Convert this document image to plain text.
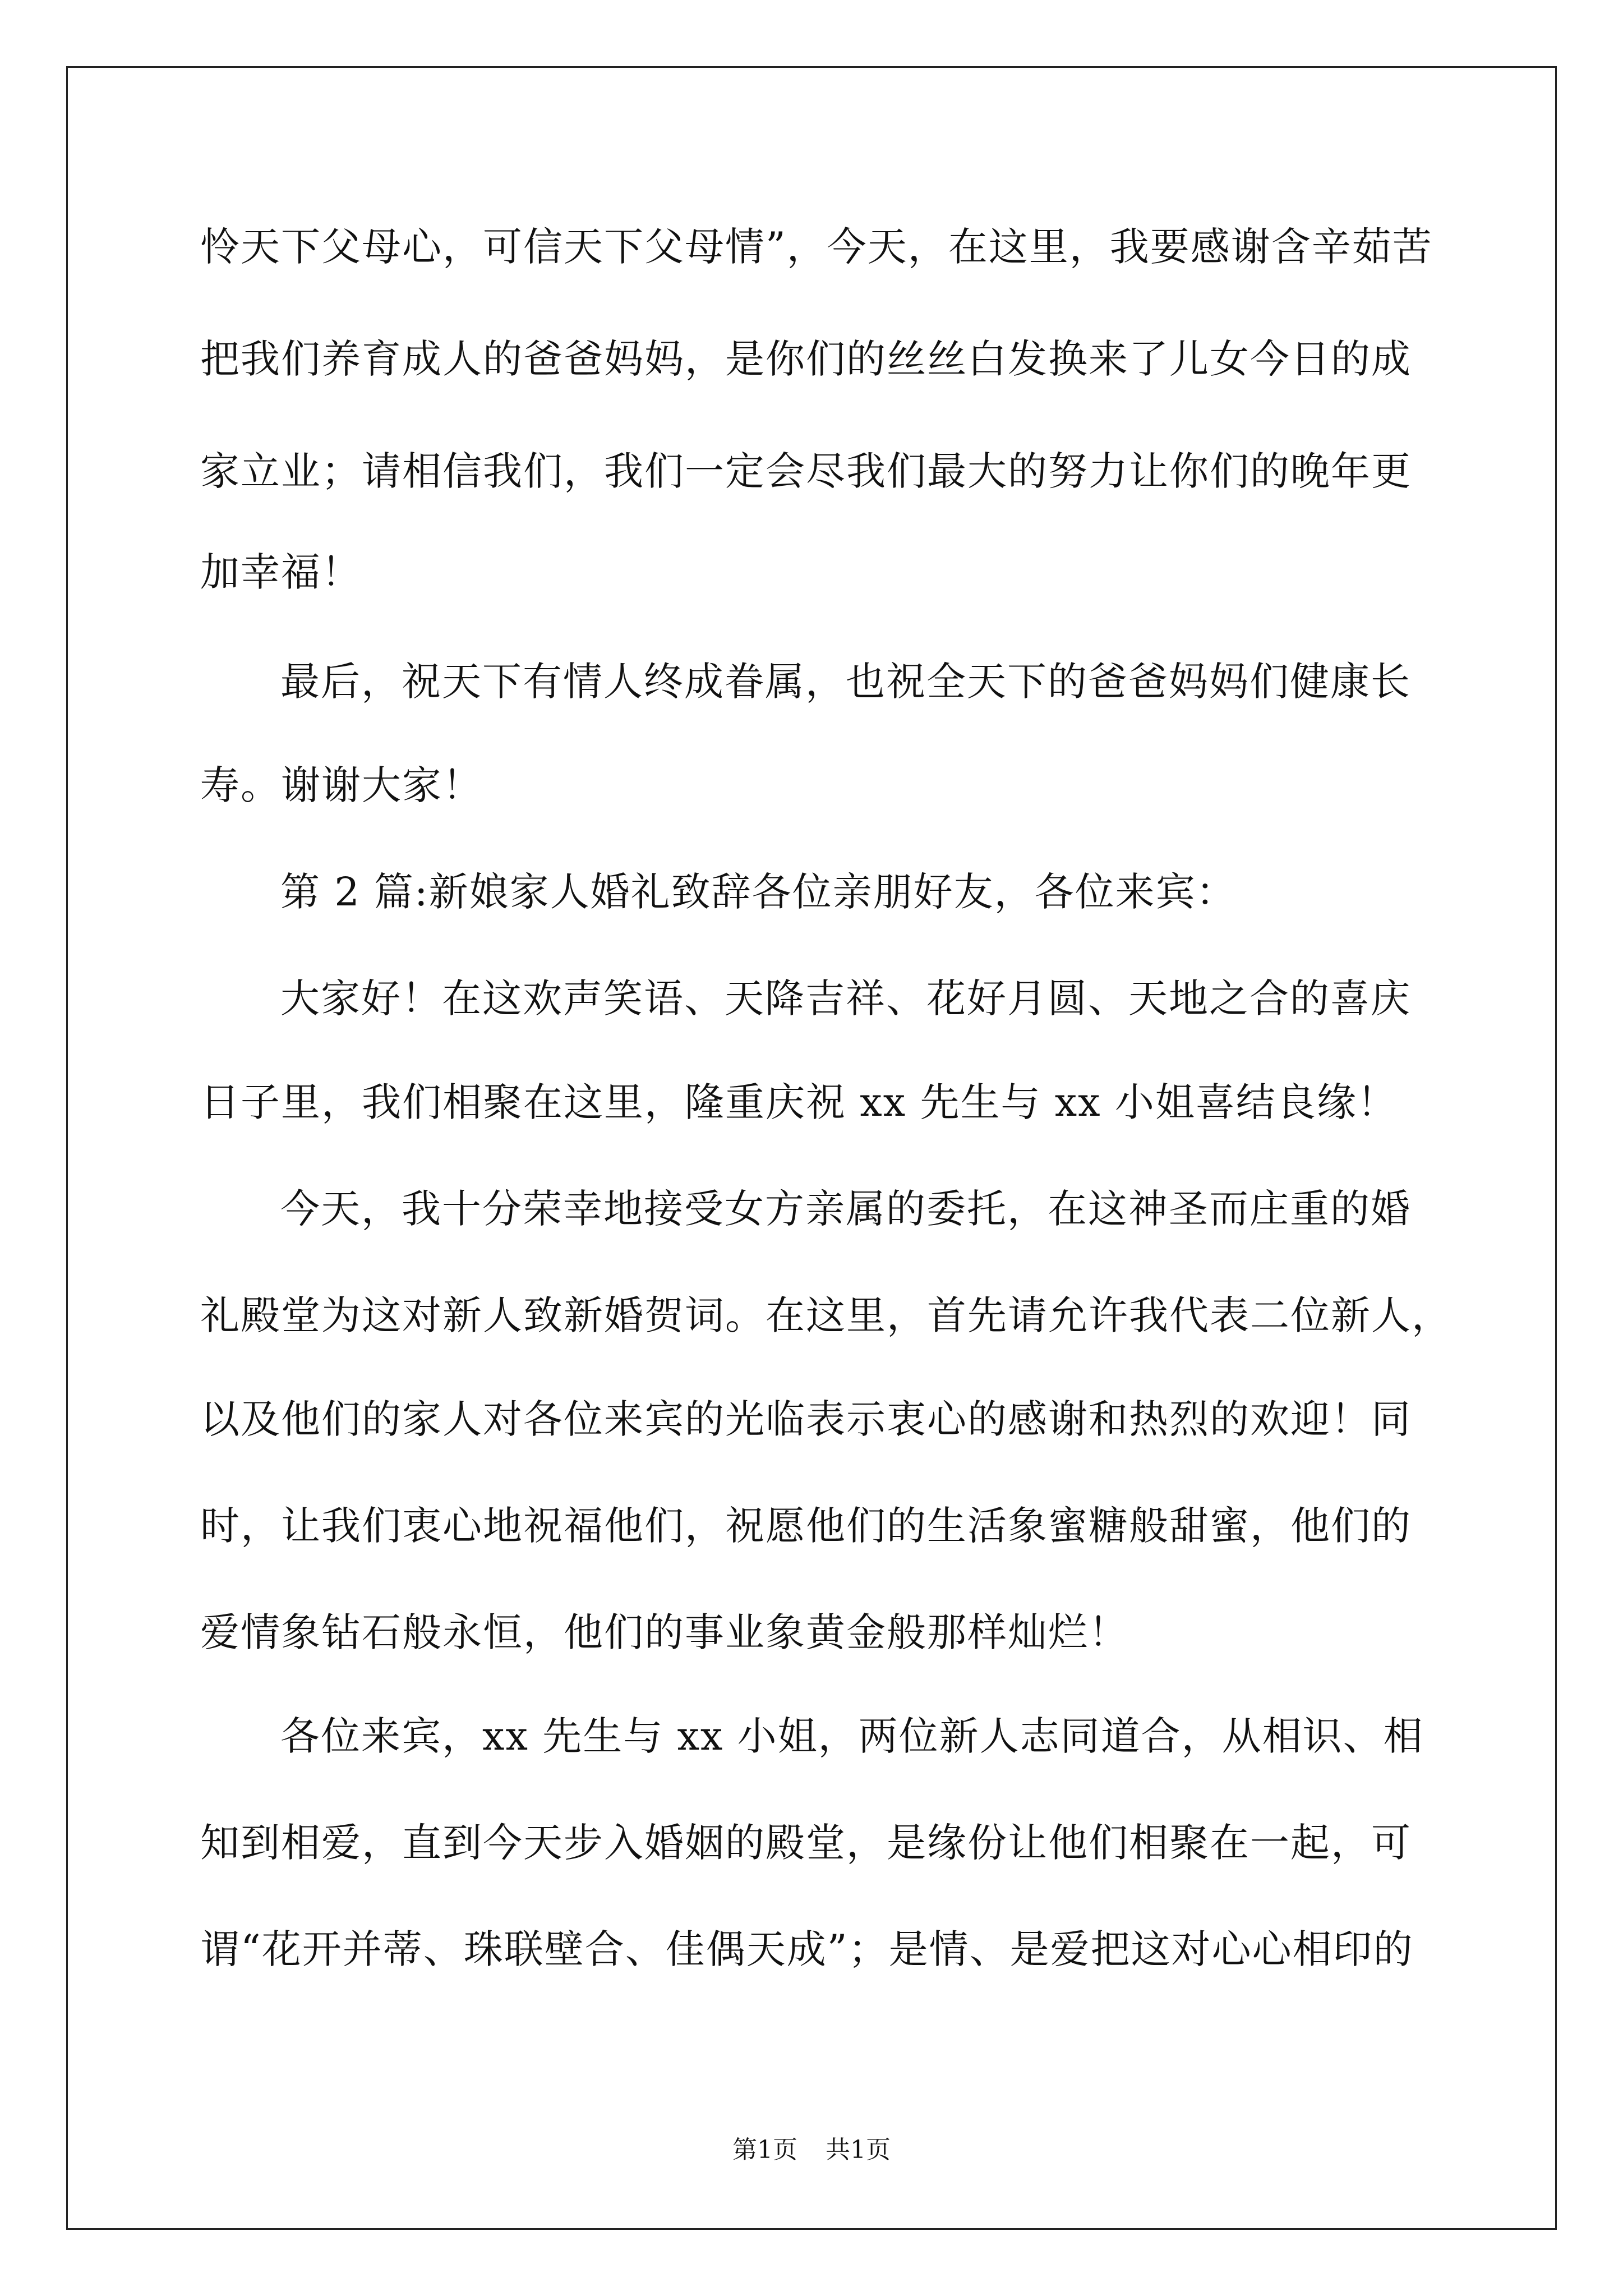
怜天下父母心，可信天下父母情”，今天，在这里，我要感谢含辛茹苦
把我们养育成人的爸爸妈妈，是你们的丝丝白发换来了儿女今日的成
家立业；请相信我们，我们一定会尽我们最大的努力让你们的晚年更
加幸福！
最后，祝天下有情人终成眷属，也祝全天下的爸爸妈妈们健康长
寿。谢谢大家！
第 2 篇:新娘家人婚礼致辞各位亲朋好友，各位来宾：
大家好！在这欢声笑语、天降吉祥、花好月圆、天地之合的喜庆
日子里，我们相聚在这里，隆重庆祝 xx 先生与 xx 小姐喜结良缘！
今天，我十分荣幸地接受女方亲属的委托，在这神圣而庄重的婚
礼殿堂为这对新人致新婚贺词。在这里，首先请允许我代表二位新人，
以及他们的家人对各位来宾的光临表示衷心的感谢和热烈的欢迎！同
时，让我们衷心地祝福他们，祝愿他们的生活象蜜糖般甜蜜，他们的
爱情象钻石般永恒，他们的事业象黄金般那样灿烂！
各位来宾，xx 先生与 xx 小姐，两位新人志同道合，从相识、相
知到相爱，直到今天步入婚姻的殿堂，是缘份让他们相聚在一起，可
谓“花开并蒂、珠联壁合、佳偶天成”；是情、是爱把这对心心相印的
第1页 共1页
